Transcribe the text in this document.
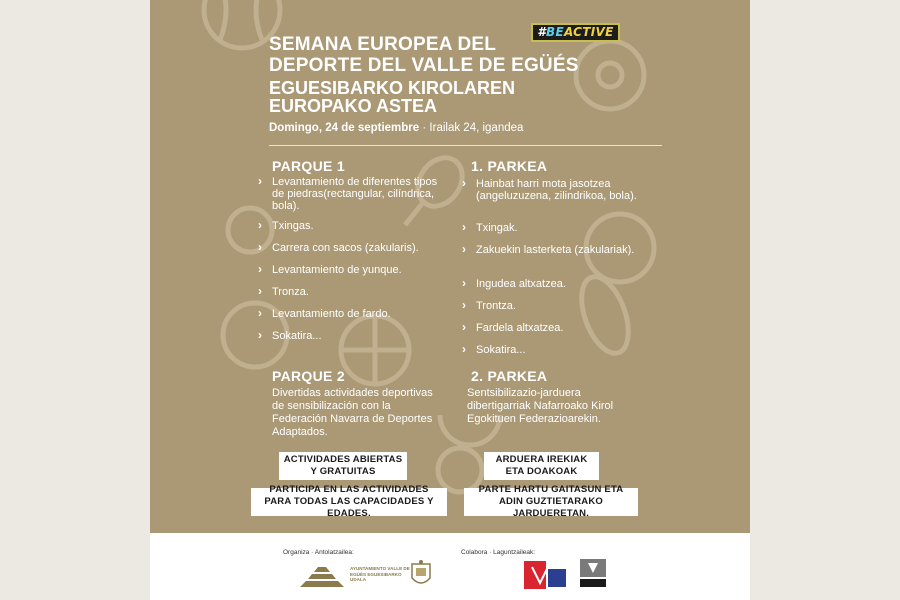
#BEACTIVE
SEMANA EUROPEA DEL
DEPORTE DEL VALLE DE EGÜÉS
EGUESIBARKO KIROLAREN
EUROPAKO ASTEA
Domingo, 24 de septiembre · Irailak 24, igandea
PARQUE 1
› Levantamiento de diferentes tipos de piedras(rectangular, cilíndrica, bola).
› Txingas.
› Carrera con sacos (zakularis).
› Levantamiento de yunque.
› Tronza.
› Levantamiento de fardo.
› Sokatira...
PARQUE 2
Divertidas actividades deportivas de sensibilización con la Federación Navarra de Deportes Adaptados.
ACTIVIDADES ABIERTAS Y GRATUITAS
PARTICIPA EN LAS ACTIVIDADES PARA TODAS LAS CAPACIDADES Y EDADES.
1. PARKEA
› Hainbat harri mota jasotzea (angeluzuzena, zilindrikoa, bola).
› Txingak.
› Zakuekin lasterketa (zakulariak).
› Ingudea altxatzea.
› Trontza.
› Fardela altxatzea.
› Sokatira...
2. PARKEA
Sentsibilizazio-jarduera dibertigarriak Nafarroako Kirol Egokituen Federazioarekin.
ARDUERA IREKIAK ETA DOAKOAK
PARTE HARTU GAITASUN ETA ADIN GUZTIETARAKO JARDUERETAN.
Organiza · Antolatzailea:
AYUNTAMIENTO VALLE DE EGÜÉS EGUESIBARKO UDALA
Colabora · Laguntzaileak:
